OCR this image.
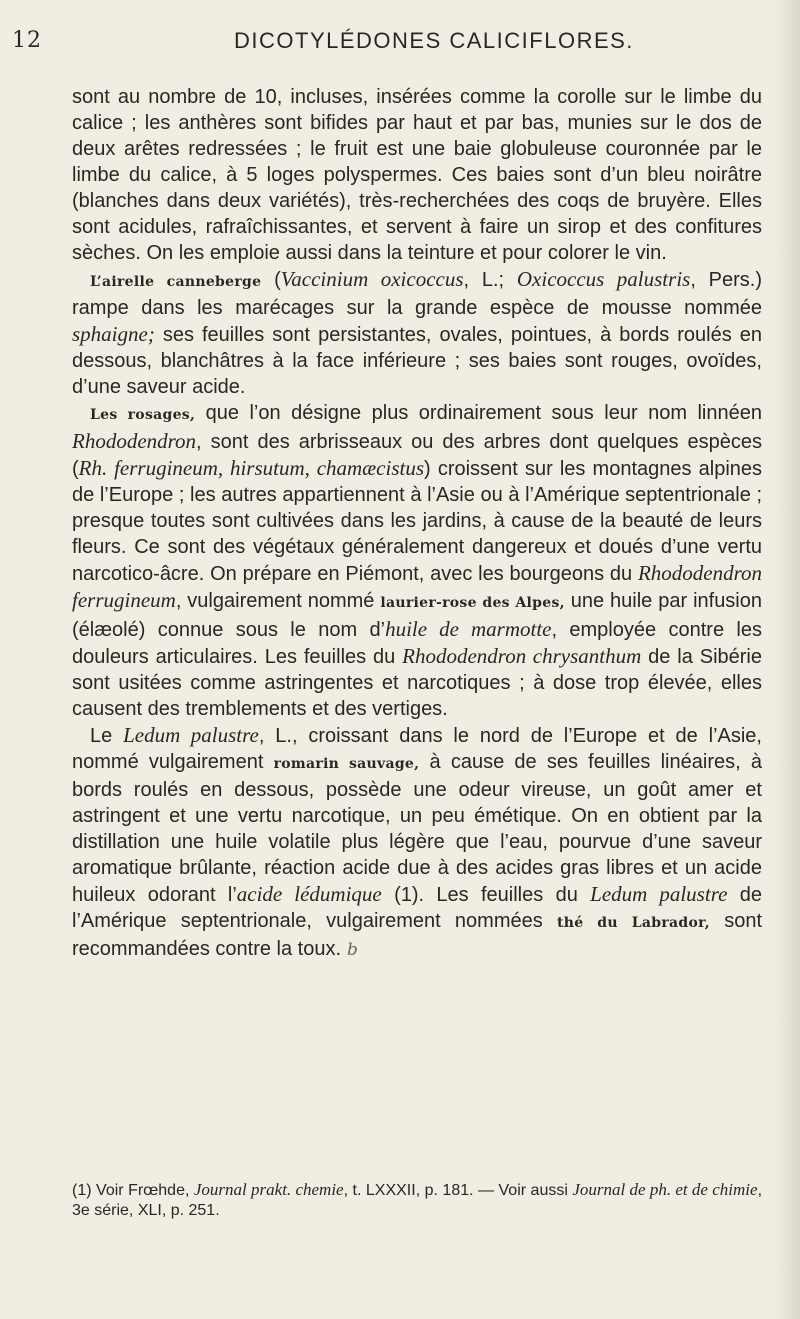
12	DICOTYLÉDONES CALICIFLORES.

sont au nombre de 10, incluses, insérées comme la corolle sur le limbe du calice ; les anthères sont bifides par haut et par bas, munies sur le dos de deux arêtes redressées ; le fruit est une baie globuleuse couronnée par le limbe du calice, à 5 loges polyspermes. Ces baies sont d’un bleu noirâtre (blanches dans deux variétés), très-recherchées des coqs de bruyère. Elles sont acidules, rafraîchissantes, et servent à faire un sirop et des confitures sèches. On les emploie aussi dans la teinture et pour colorer le vin.

L’airelle canneberge (Vaccinium oxicoccus, L.; Oxicoccus palustris, Pers.) rampe dans les marécages sur la grande espèce de mousse nommée sphaigne; ses feuilles sont persistantes, ovales, pointues, à bords roulés en dessous, blanchâtres à la face inférieure ; ses baies sont rouges, ovoïdes, d’une saveur acide.

Les rosages, que l’on désigne plus ordinairement sous leur nom linnéen Rhododendron, sont des arbrisseaux ou des arbres dont quelques espèces (Rh. ferrugineum, hirsutum, chamæcistus) croissent sur les montagnes alpines de l’Europe ; les autres appartiennent à l’Asie ou à l’Amérique septentrionale ; presque toutes sont cultivées dans les jardins, à cause de la beauté de leurs fleurs. Ce sont des végétaux généralement dangereux et doués d’une vertu narcotico-âcre. On prépare en Piémont, avec les bourgeons du Rhododendron ferrugineum, vulgairement nommé laurier-rose des Alpes, une huile par infusion (élæolé) connue sous le nom d’huile de marmotte, employée contre les douleurs articulaires. Les feuilles du Rhododendron chrysanthum de la Sibérie sont usitées comme astringentes et narcotiques ; à dose trop élevée, elles causent des tremblements et des vertiges.

Le Ledum palustre, L., croissant dans le nord de l’Europe et de l’Asie, nommé vulgairement romarin sauvage, à cause de ses feuilles linéaires, à bords roulés en dessous, possède une odeur vireuse, un goût amer et astringent et une vertu narcotique, un peu émétique. On en obtient par la distillation une huile volatile plus légère que l’eau, pourvue d’une saveur aromatique brûlante, réaction acide due à des acides gras libres et un acide huileux odorant l’acide lédumique (1). Les feuilles du Ledum palustre de l’Amérique septentrionale, vulgairement nommées thé du Labrador, sont recommandées contre la toux. b

(1) Voir Frœhde, Journal prakt. chemie, t. LXXXII, p. 181. — Voir aussi Journal de ph. et de chimie, 3e série, XLI, p. 251.
